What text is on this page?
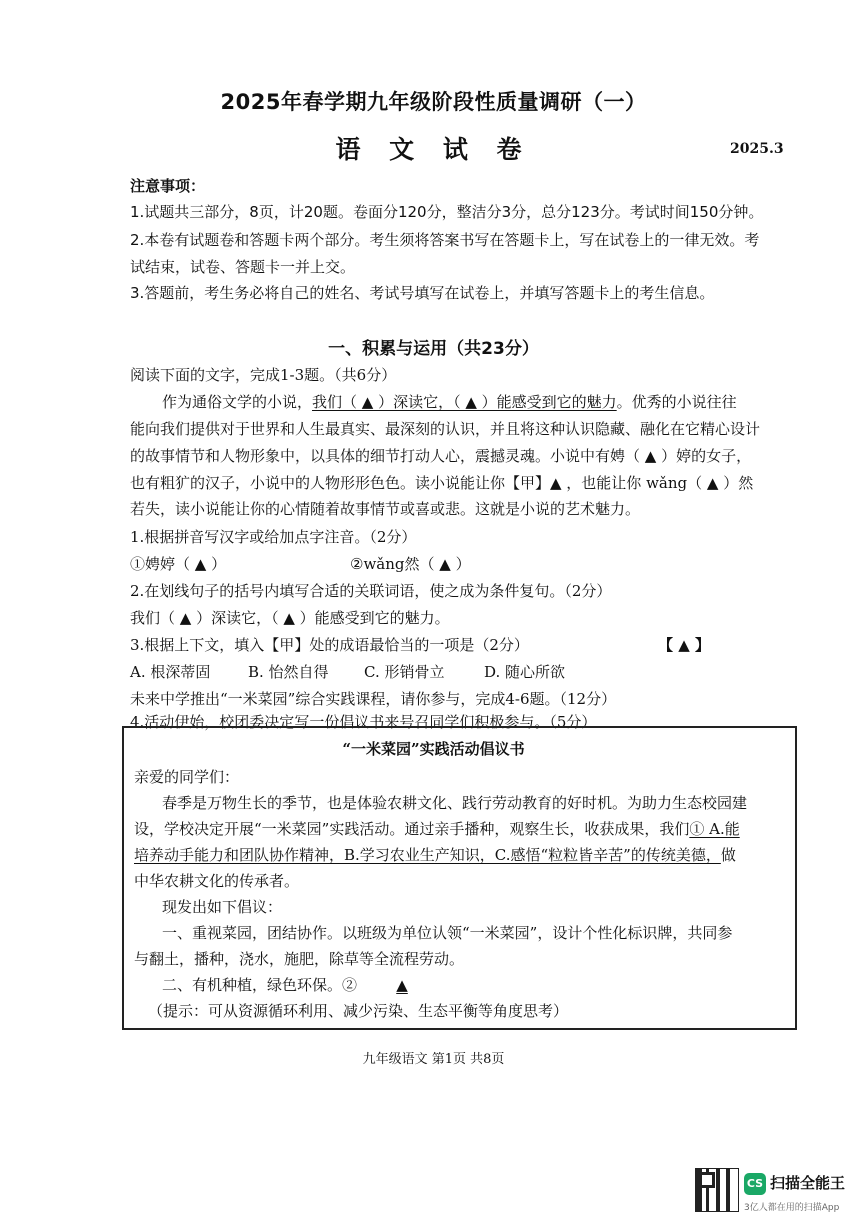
2025年春学期九年级阶段性质量调研（一）
语 文 试 卷	2025.3
注意事项：
1.试题共三部分，8页，计20题。卷面分120分，整洁分3分，总分123分。考试时间150分钟。
2.本卷有试题卷和答题卡两个部分。考生须将答案书写在答题卡上，写在试卷上的一律无效。考
试结束，试卷、答题卡一并上交。
3.答题前，考生务必将自己的姓名、考试号填写在试卷上，并填写答题卡上的考生信息。
一、积累与运用（共23分）
阅读下面的文字，完成1-3题。（共6分）
作为通俗文学的小说，我们（ ▲ ）深读它，（ ▲ ）能感受到它的魅力。优秀的小说往往
能向我们提供对于世界和人生最真实、最深刻的认识，并且将这种认识隐藏、融化在它精心设计
的故事情节和人物形象中，以具体的细节打动人心，震撼灵魂。小说中有娉（ ▲ ）婷的女子，
也有粗犷的汉子，小说中的人物形形色色。读小说能让你【甲】▲ ，也能让你 wǎng（ ▲ ）然
若失，读小说能让你的心情随着故事情节或喜或悲。这就是小说的艺术魅力。
1.根据拼音写汉字或给加点字注音。（2分）
①娉婷（ ▲ ）	②wǎng然（ ▲ ）
2.在划线句子的括号内填写合适的关联词语，使之成为条件复句。（2分）
我们（ ▲ ）深读它，（ ▲ ）能感受到它的魅力。
3.根据上下文，填入【甲】处的成语最恰当的一项是（2分）	【 ▲ 】
A. 根深蒂固	B. 怡然自得 C. 形销骨立	D. 随心所欲
未来中学推出“一米菜园”综合实践课程，请你参与，完成4-6题。（12分）
4.活动伊始，校团委决定写一份倡议书来号召同学们积极参与。（5分）
“一米菜园”实践活动倡议书
亲爱的同学们：
春季是万物生长的季节，也是体验农耕文化、践行劳动教育的好时机。为助力生态校园建
设，学校决定开展“一米菜园”实践活动。通过亲手播种，观察生长，收获成果，我们① A.能
培养动手能力和团队协作精神，B.学习农业生产知识，C.感悟“粒粒皆辛苦”的传统美德，做
中华农耕文化的传承者。
现发出如下倡议：
一、重视菜园，团结协作。以班级为单位认领“一米菜园”，设计个性化标识牌，共同参
与翻土，播种，浇水，施肥，除草等全流程劳动。
二、有机种植，绿色环保。②	▲
（提示：可从资源循环利用、减少污染、生态平衡等角度思考）
九年级语文 第1页 共8页
CS 扫描全能王
3亿人都在用的扫描App
